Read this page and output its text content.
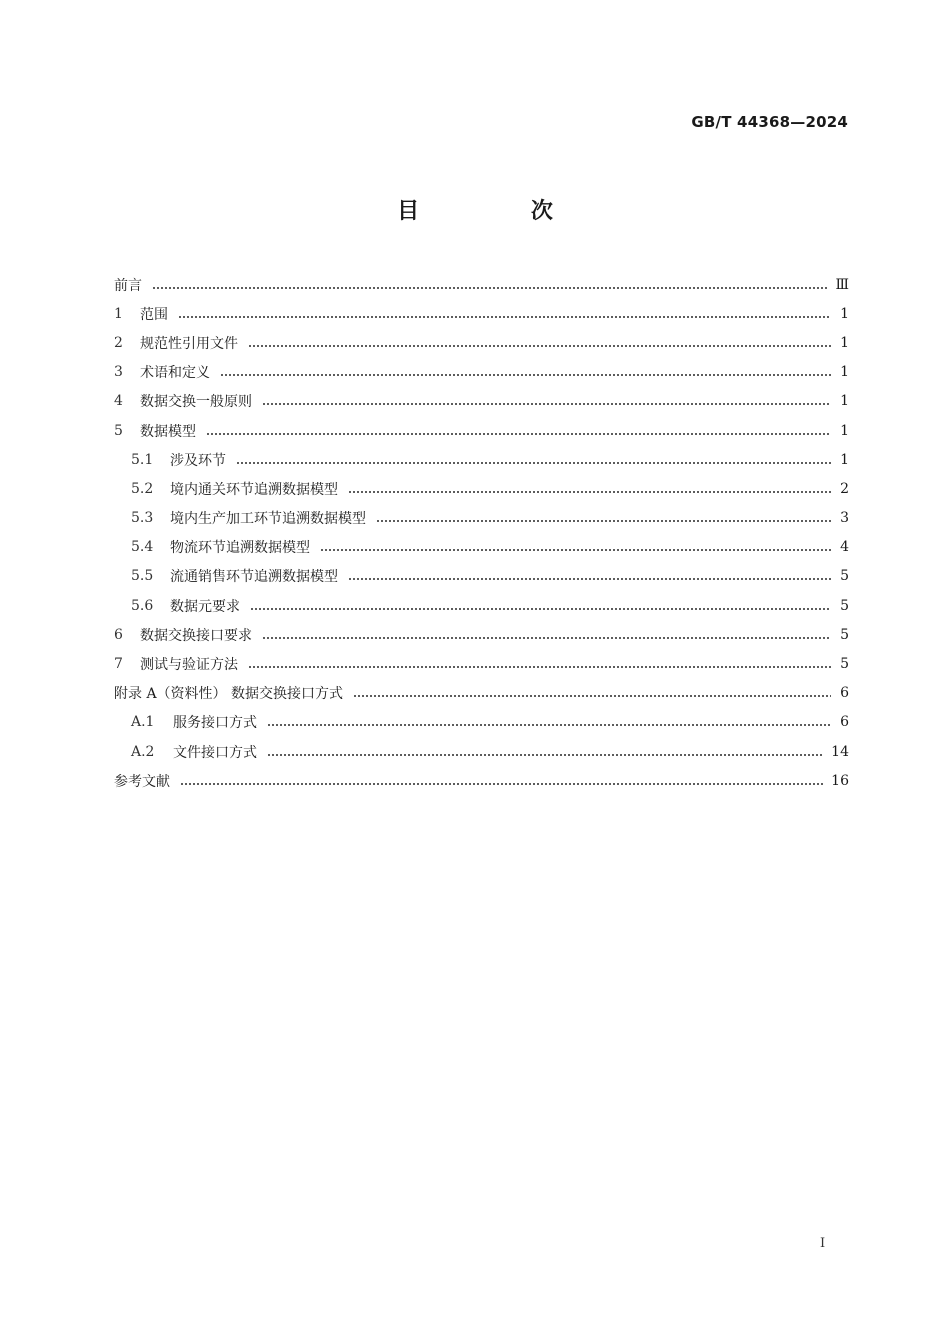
GB/T 44368—2024
目 次
前言	Ⅲ
1	范围	1
2	规范性引用文件	1
3	术语和定义	1
4	数据交换一般原则	1
5	数据模型	1
5.1	涉及环节	1
5.2	境内通关环节追溯数据模型	2
5.3	境内生产加工环节追溯数据模型	3
5.4	物流环节追溯数据模型	4
5.5	流通销售环节追溯数据模型	5
5.6	数据元要求	5
6	数据交换接口要求	5
7	测试与验证方法	5
附录 A（资料性） 数据交换接口方式	6
A.1	服务接口方式	6
A.2	文件接口方式	14
参考文献	16
Ⅰ
